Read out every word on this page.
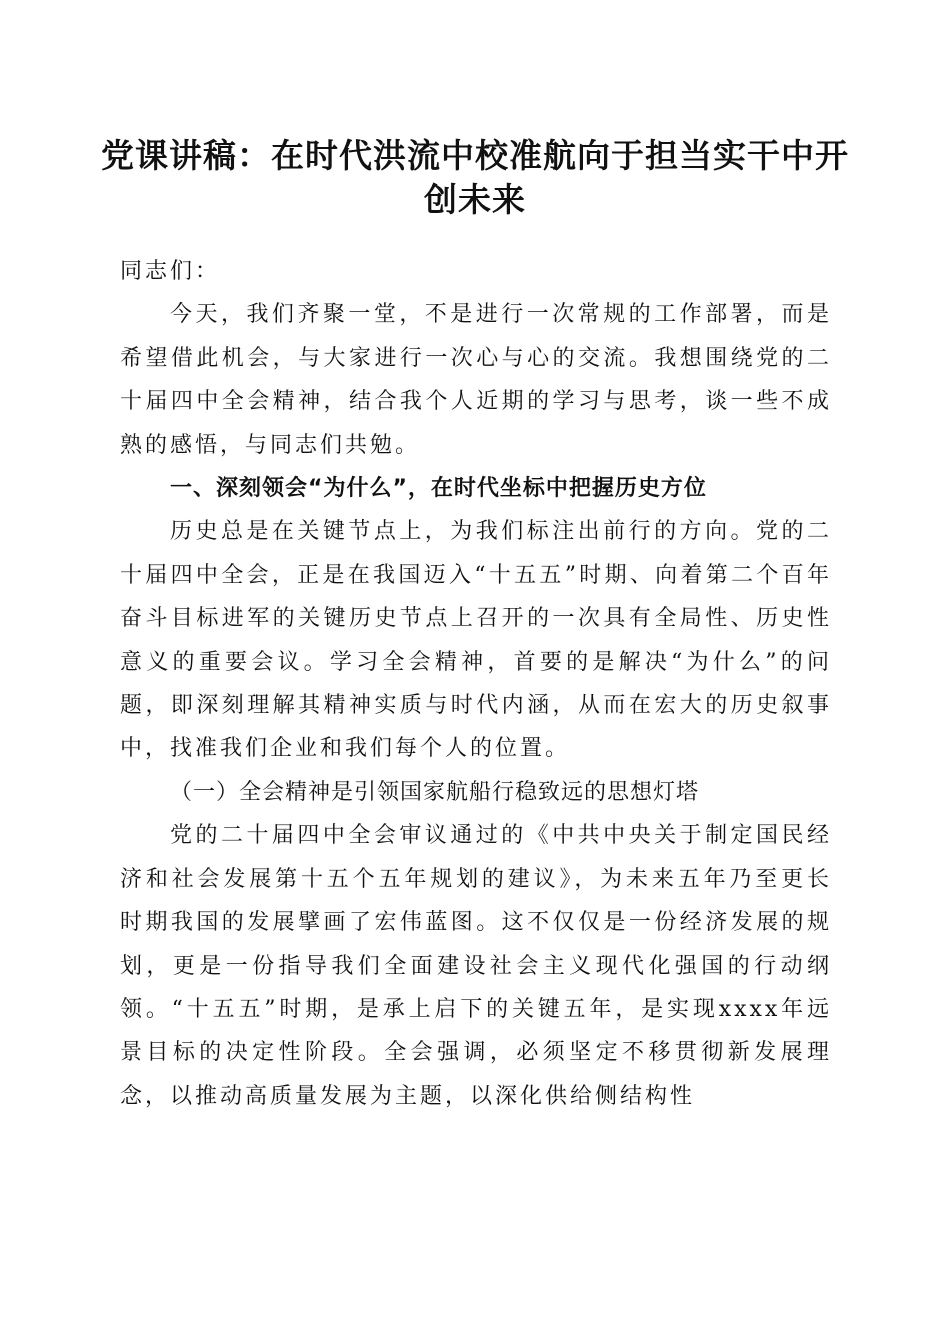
党课讲稿：在时代洪流中校准航向于担当实干中开创未来

同志们：

今天，我们齐聚一堂，不是进行一次常规的工作部署，而是希望借此机会，与大家进行一次心与心的交流。我想围绕党的二十届四中全会精神，结合我个人近期的学习与思考，谈一些不成熟的感悟，与同志们共勉。

一、深刻领会“为什么”，在时代坐标中把握历史方位

历史总是在关键节点上，为我们标注出前行的方向。党的二十届四中全会，正是在我国迈入“十五五”时期、向着第二个百年奋斗目标进军的关键历史节点上召开的一次具有全局性、历史性意义的重要会议。学习全会精神，首要的是解决“为什么”的问题，即深刻理解其精神实质与时代内涵，从而在宏大的历史叙事中，找准我们企业和我们每个人的位置。

（一）全会精神是引领国家航船行稳致远的思想灯塔

党的二十届四中全会审议通过的《中共中央关于制定国民经济和社会发展第十五个五年规划的建议》，为未来五年乃至更长时期我国的发展擘画了宏伟蓝图。这不仅仅是一份经济发展的规划，更是一份指导我们全面建设社会主义现代化强国的行动纲领。“十五五”时期，是承上启下的关键五年，是实现xxxx年远景目标的决定性阶段。全会强调，必须坚定不移贯彻新发展理念，以推动高质量发展为主题，以深化供给侧结构性
